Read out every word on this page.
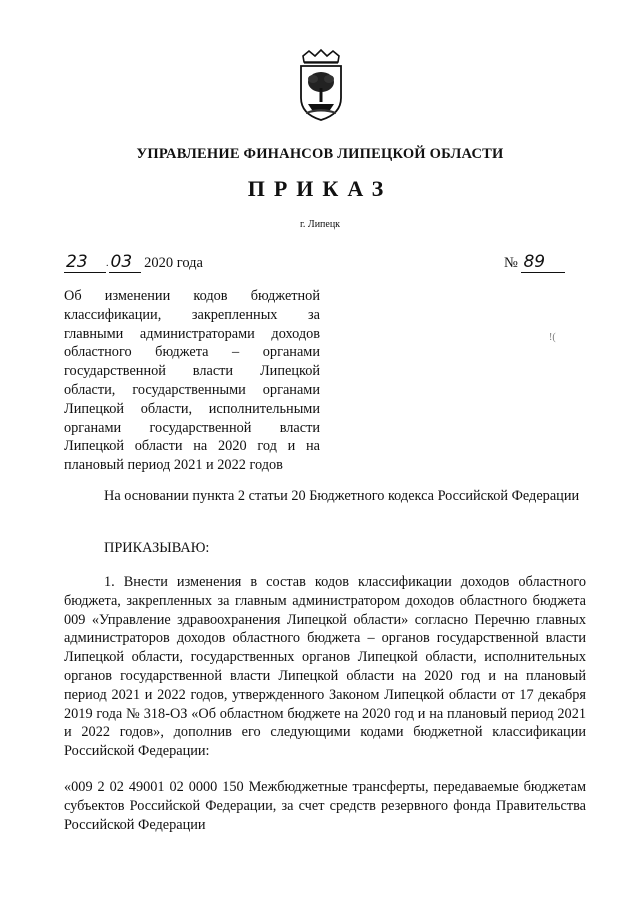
УПРАВЛЕНИЕ ФИНАНСОВ ЛИПЕЦКОЙ ОБЛАСТИ
ПРИКАЗ
г. Липецк
23 . 03 2020 года	№ 89
!(
Об изменении кодов бюджетной классификации, закрепленных за главными администраторами доходов областного бюджета – органами государственной власти Липецкой области, государственными органами Липецкой области, исполнительными органами государственной власти Липецкой области на 2020 год и на плановый период 2021 и 2022 годов
На основании пункта 2 статьи 20 Бюджетного кодекса Российской Федерации
ПРИКАЗЫВАЮ:
1. Внести изменения в состав кодов классификации доходов областного бюджета, закрепленных за главным администратором доходов областного бюджета 009 «Управление здравоохранения Липецкой области» согласно Перечню главных администраторов доходов областного бюджета – органов государственной власти Липецкой области, государственных органов Липецкой области, исполнительных органов государственной власти Липецкой области на 2020 год и на плановый период 2021 и 2022 годов, утвержденного Законом Липецкой области от 17 декабря 2019 года № 318-ОЗ «Об областном бюджете на 2020 год и на плановый период 2021 и 2022 годов», дополнив его следующими кодами бюджетной классификации Российской Федерации:
«009 2 02 49001 02 0000 150 Межбюджетные трансферты, передаваемые бюджетам субъектов Российской Федерации, за счет средств резервного фонда Правительства Российской Федерации
